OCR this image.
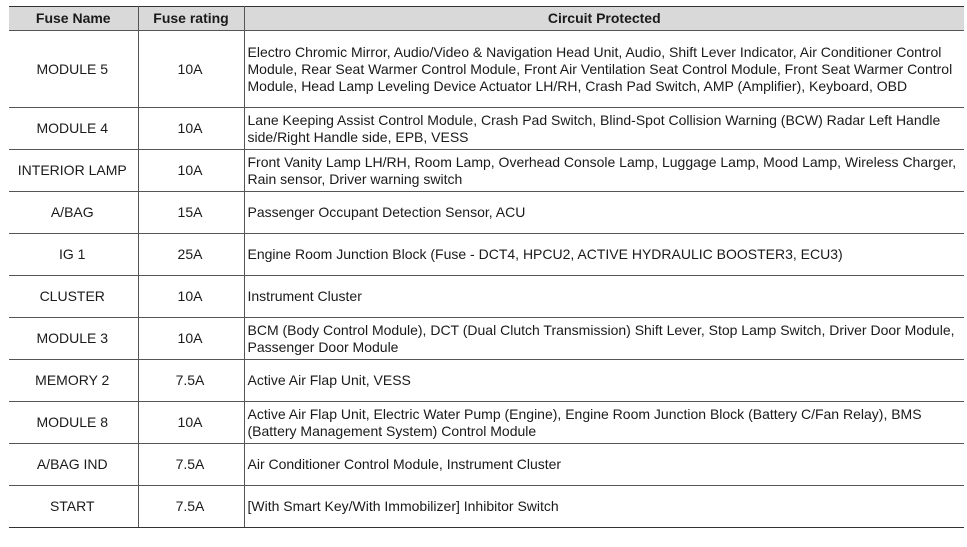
Fuse Name	Fuse rating	Circuit Protected
MODULE 5	10A	Electro Chromic Mirror, Audio/Video & Navigation Head Unit, Audio, Shift Lever Indicator, Air Conditioner Control Module, Rear Seat Warmer Control Module, Front Air Ventilation Seat Control Module, Front Seat Warmer Control Module, Head Lamp Leveling Device Actuator LH/RH, Crash Pad Switch, AMP (Amplifier), Keyboard, OBD
MODULE 4	10A	Lane Keeping Assist Control Module, Crash Pad Switch, Blind-Spot Collision Warning (BCW) Radar Left Handle side/Right Handle side, EPB, VESS
INTERIOR LAMP	10A	Front Vanity Lamp LH/RH, Room Lamp, Overhead Console Lamp, Luggage Lamp, Mood Lamp, Wireless Charger, Rain sensor, Driver warning switch
A/BAG	15A	Passenger Occupant Detection Sensor, ACU
IG 1	25A	Engine Room Junction Block (Fuse - DCT4, HPCU2, ACTIVE HYDRAULIC BOOSTER3, ECU3)
CLUSTER	10A	Instrument Cluster
MODULE 3	10A	BCM (Body Control Module), DCT (Dual Clutch Transmission) Shift Lever, Stop Lamp Switch, Driver Door Module, Passenger Door Module
MEMORY 2	7.5A	Active Air Flap Unit, VESS
MODULE 8	10A	Active Air Flap Unit, Electric Water Pump (Engine), Engine Room Junction Block (Battery C/Fan Relay), BMS (Battery Management System) Control Module
A/BAG IND	7.5A	Air Conditioner Control Module, Instrument Cluster
START	7.5A	[With Smart Key/With Immobilizer] Inhibitor Switch
